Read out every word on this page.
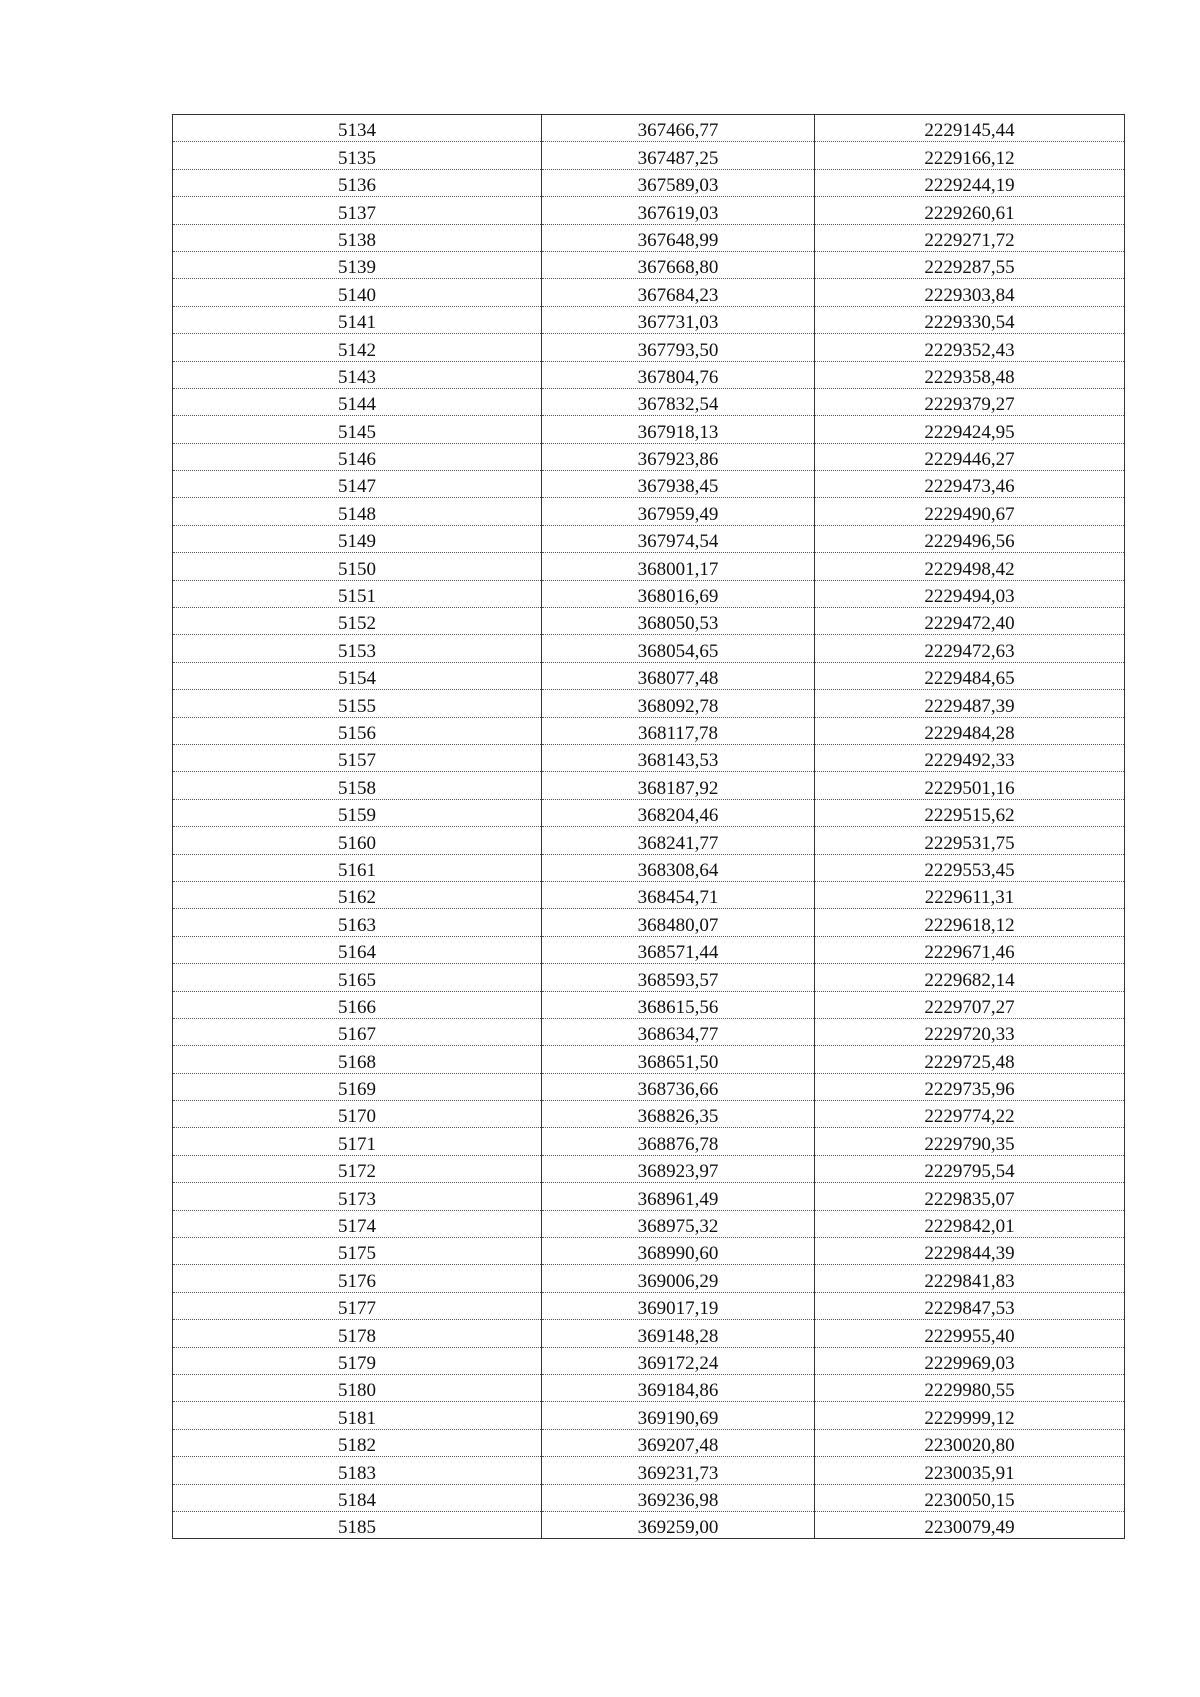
5134	367466,77	2229145,44
5135	367487,25	2229166,12
5136	367589,03	2229244,19
5137	367619,03	2229260,61
5138	367648,99	2229271,72
5139	367668,80	2229287,55
5140	367684,23	2229303,84
5141	367731,03	2229330,54
5142	367793,50	2229352,43
5143	367804,76	2229358,48
5144	367832,54	2229379,27
5145	367918,13	2229424,95
5146	367923,86	2229446,27
5147	367938,45	2229473,46
5148	367959,49	2229490,67
5149	367974,54	2229496,56
5150	368001,17	2229498,42
5151	368016,69	2229494,03
5152	368050,53	2229472,40
5153	368054,65	2229472,63
5154	368077,48	2229484,65
5155	368092,78	2229487,39
5156	368117,78	2229484,28
5157	368143,53	2229492,33
5158	368187,92	2229501,16
5159	368204,46	2229515,62
5160	368241,77	2229531,75
5161	368308,64	2229553,45
5162	368454,71	2229611,31
5163	368480,07	2229618,12
5164	368571,44	2229671,46
5165	368593,57	2229682,14
5166	368615,56	2229707,27
5167	368634,77	2229720,33
5168	368651,50	2229725,48
5169	368736,66	2229735,96
5170	368826,35	2229774,22
5171	368876,78	2229790,35
5172	368923,97	2229795,54
5173	368961,49	2229835,07
5174	368975,32	2229842,01
5175	368990,60	2229844,39
5176	369006,29	2229841,83
5177	369017,19	2229847,53
5178	369148,28	2229955,40
5179	369172,24	2229969,03
5180	369184,86	2229980,55
5181	369190,69	2229999,12
5182	369207,48	2230020,80
5183	369231,73	2230035,91
5184	369236,98	2230050,15
5185	369259,00	2230079,49
